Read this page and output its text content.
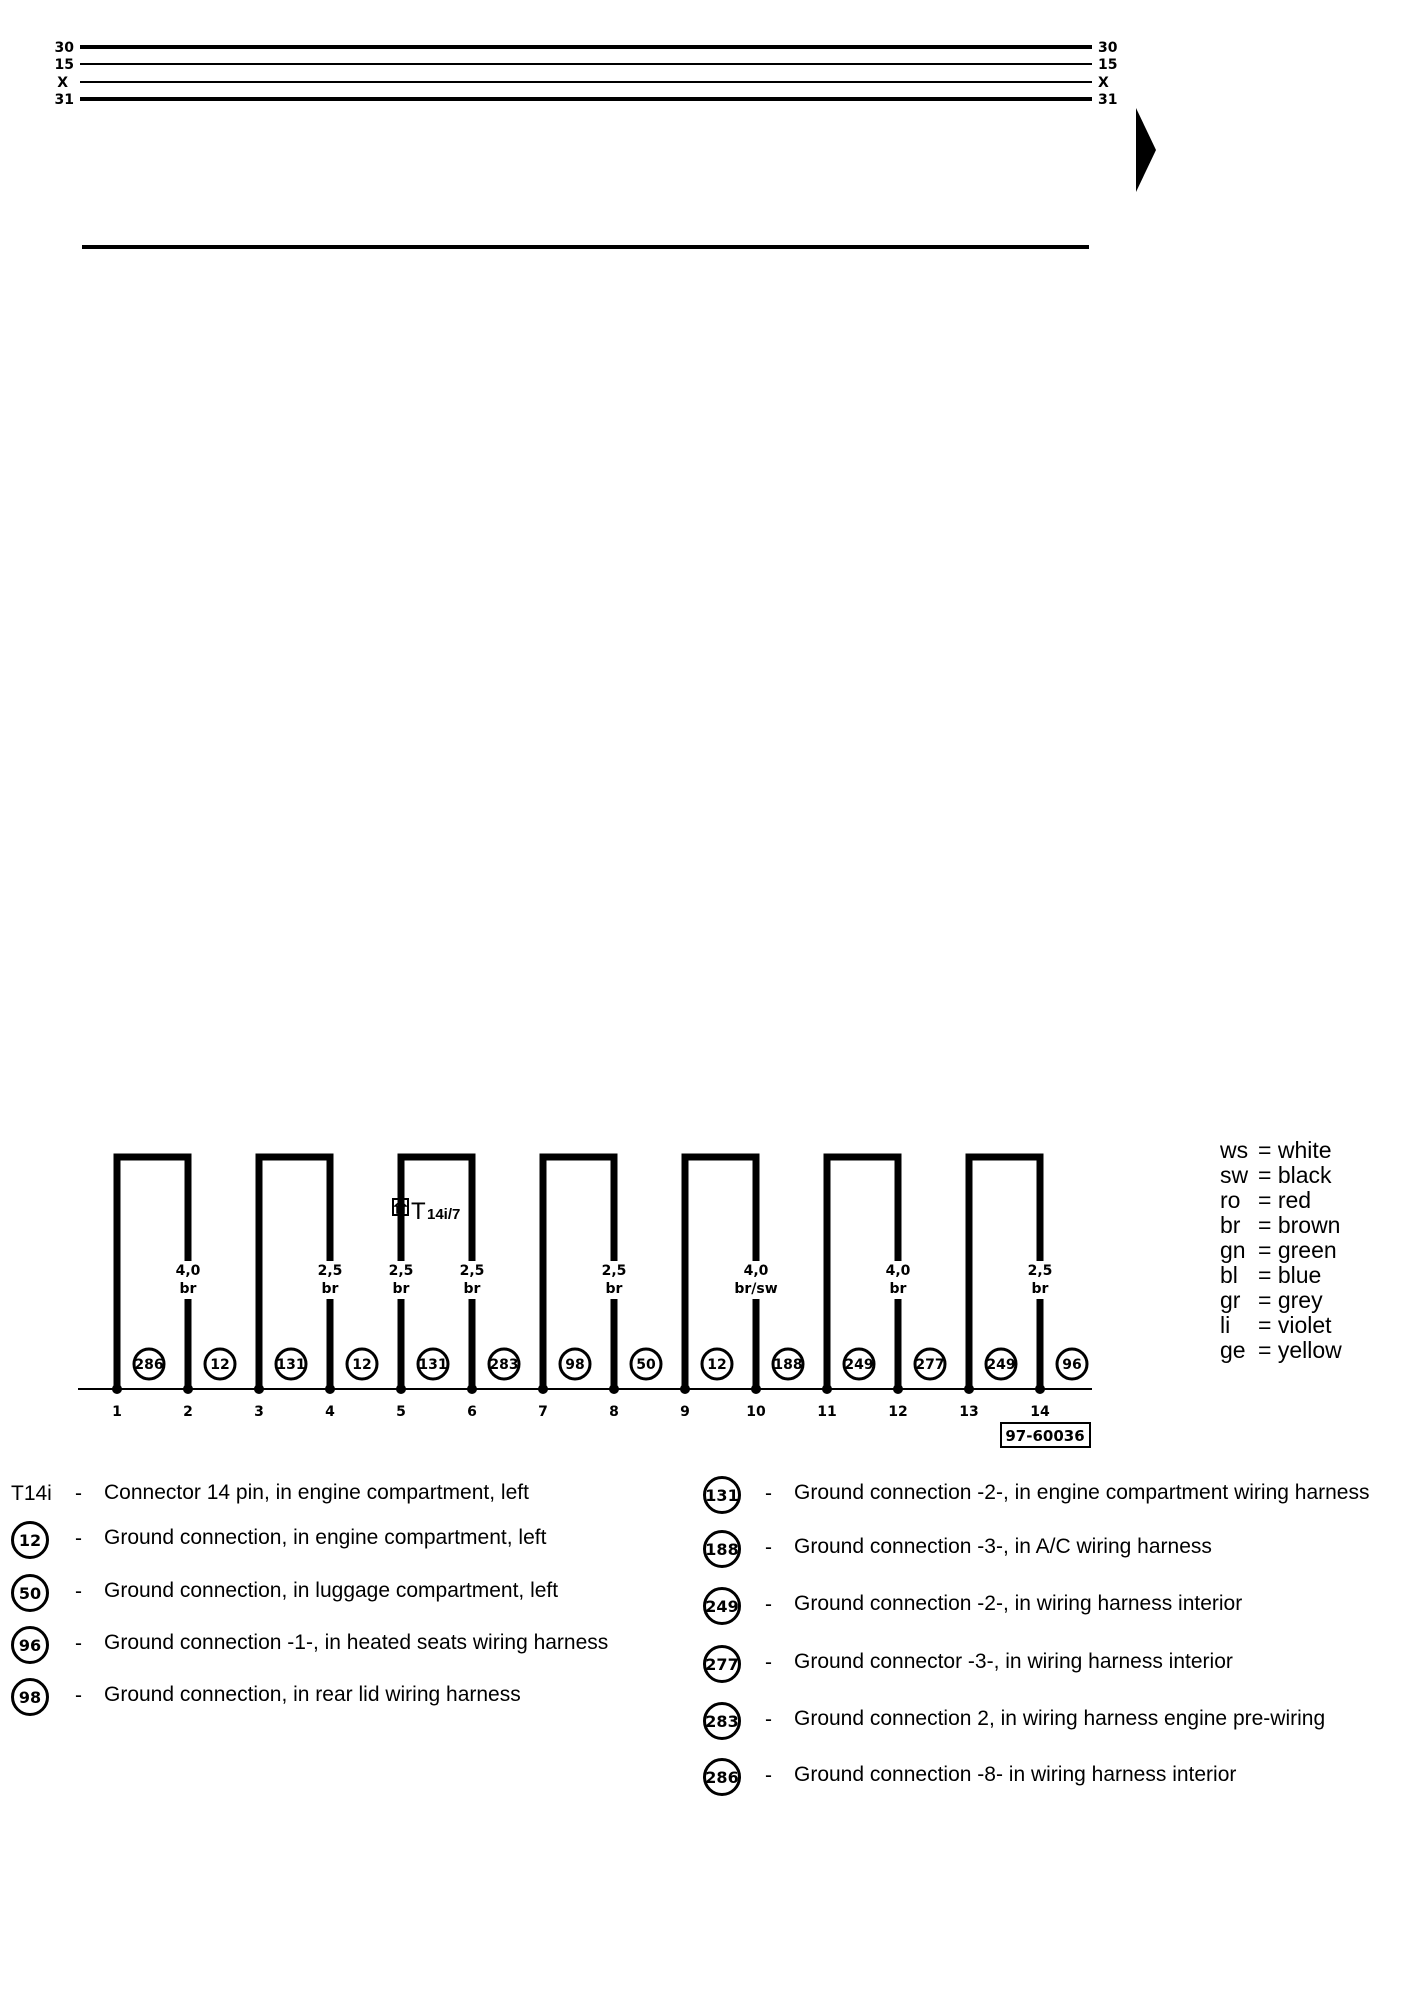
30
15
X
31
30
15
X
31
1	2	3	4	5	6	7	8	9	10	11	12	13	14
4,0
br
2,5
br
2,5
br
2,5
br
2,5
br
4,0
br/sw
4,0
br
2,5
br
286	12	131	12	131	283	98	50	12	188	249	277	249	96
T 14i/7
97-60036
ws = white
sw = black
ro = red
br = brown
gn = green
bl = blue
gr = grey
li = violet
ge = yellow
T14i - Connector 14 pin, in engine compartment, left
12	- Ground connection, in engine compartment, left
50	- Ground connection, in luggage compartment, left
96	- Ground connection -1-, in heated seats wiring harness
98	- Ground connection, in rear lid wiring harness
131 - Ground connection -2-, in engine compartment wiring harness
188 - Ground connection -3-, in A/C wiring harness
249 - Ground connection -2-, in wiring harness interior
277 - Ground connector -3-, in wiring harness interior
283 - Ground connection 2, in wiring harness engine pre-wiring
286 - Ground connection -8- in wiring harness interior
